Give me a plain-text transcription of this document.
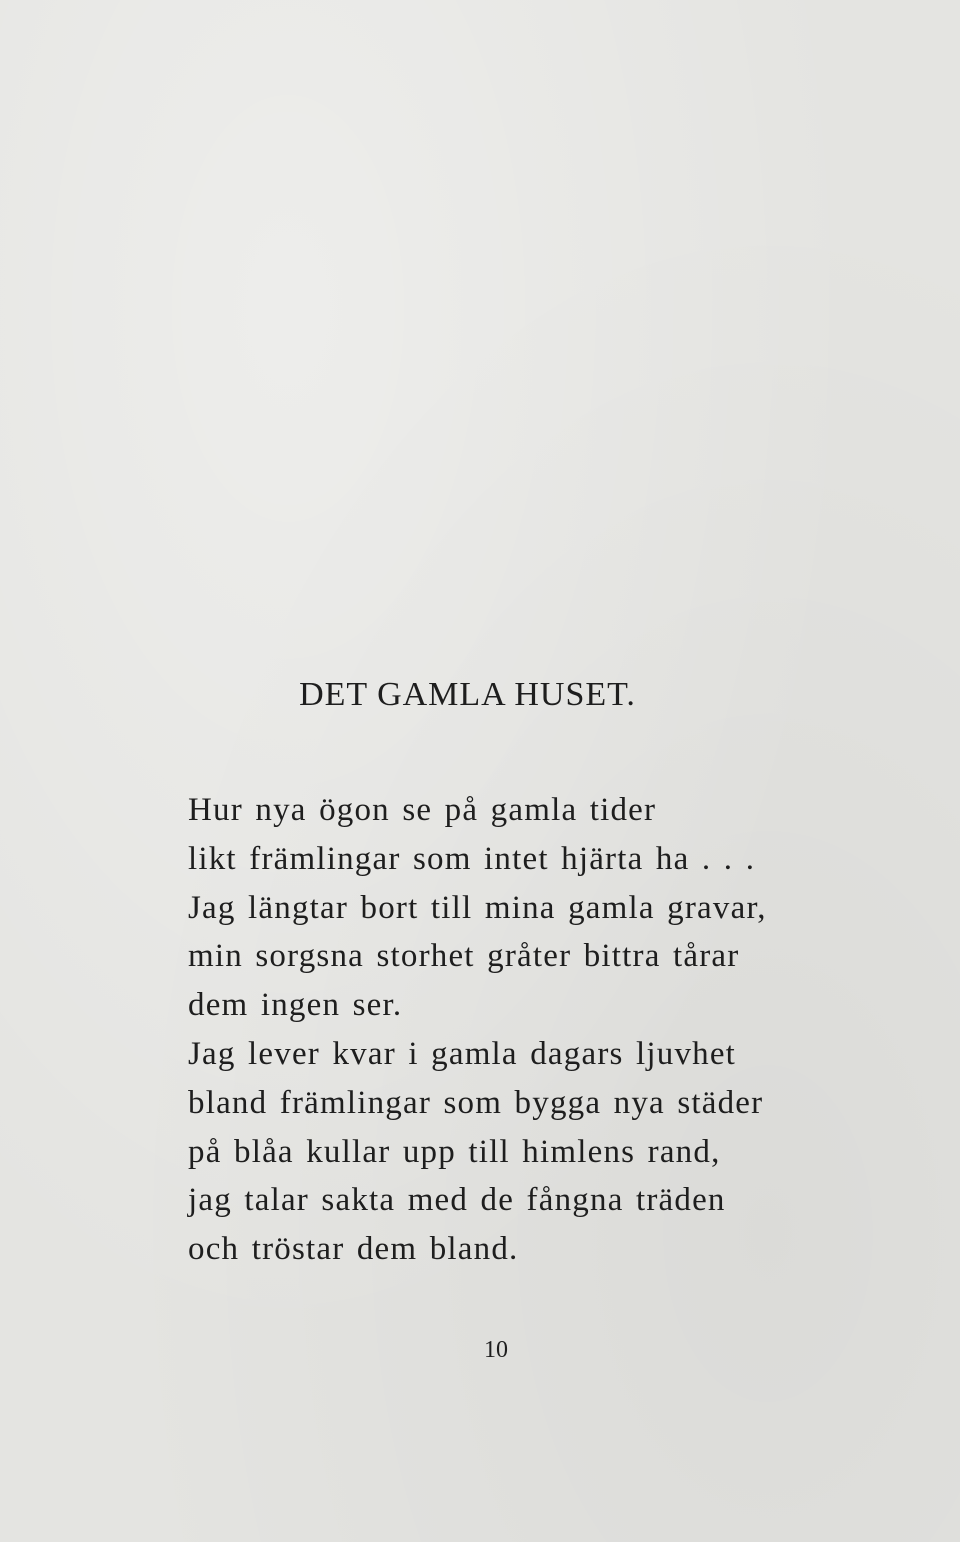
DET GAMLA HUSET.
Hur nya ögon se på gamla tider
likt främlingar som intet hjärta ha . . .
Jag längtar bort till mina gamla gravar,
min sorgsna storhet gråter bittra tårar
dem ingen ser.
Jag lever kvar i gamla dagars ljuvhet
bland främlingar som bygga nya städer
på blåa kullar upp till himlens rand,
jag talar sakta med de fångna träden
och tröstar dem bland.
10
